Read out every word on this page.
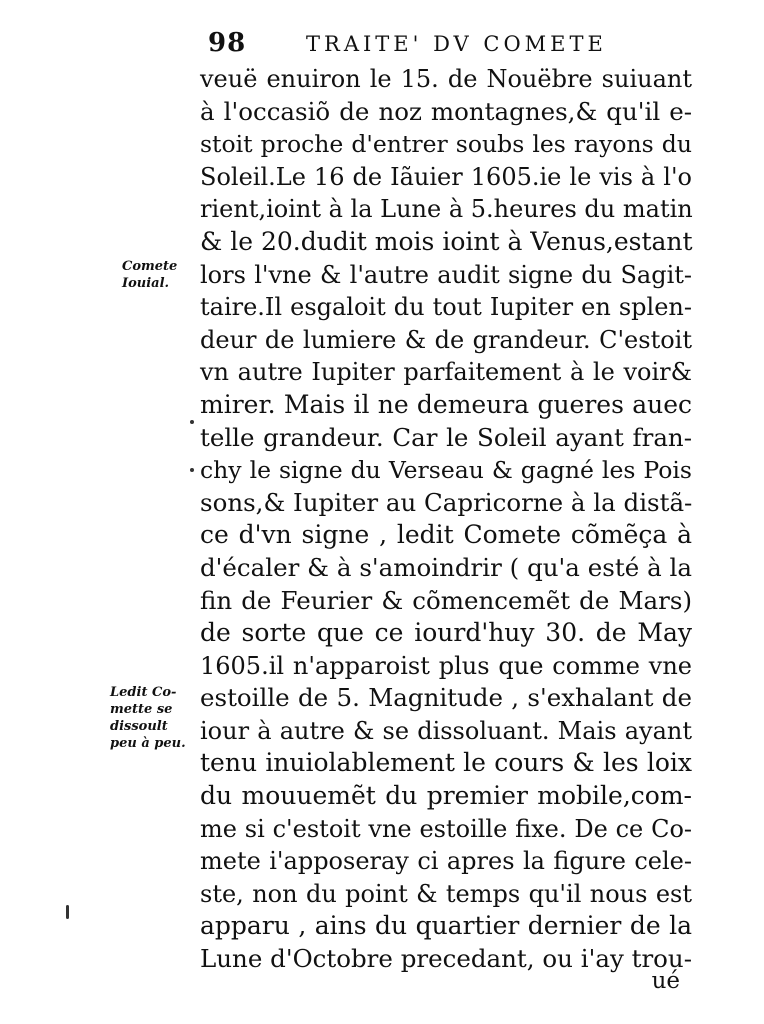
98	TRAITE' DV COMETE
Comete
Iouial.
Ledit Co-
mette se
dissoult
peu à peu.
veuë enuiron le 15. de Nouëbre suiuant
à l'occasiõ de noz montagnes,& qu'il e-
stoit proche d'entrer soubs les rayons du
Soleil.Le 16 de Iãuier 1605.ie le vis à l'o
rient,ioint à la Lune à 5.heures du matin
& le 20.dudit mois ioint à Venus,estant
lors l'vne & l'autre audit signe du Sagit-
taire.Il esgaloit du tout Iupiter en splen-
deur de lumiere & de grandeur. C'estoit
vn autre Iupiter parfaitement à le voir&
mirer. Mais il ne demeura gueres auec
telle grandeur. Car le Soleil ayant fran-
chy le signe du Verseau & gagné les Pois
sons,& Iupiter au Capricorne à la distã-
ce d'vn signe , ledit Comete cõmẽça à
d'écaler & à s'amoindrir ( qu'a esté à la
fin de Feurier & cõmencemẽt de Mars)
de sorte que ce iourd'huy 30. de May
1605.il n'apparoist plus que comme vne
estoille de 5. Magnitude , s'exhalant de
iour à autre & se dissoluant. Mais ayant
tenu inuiolablement le cours & les loix
du mouuemẽt du premier mobile,com-
me si c'estoit vne estoille fixe. De ce Co-
mete i'apposeray ci apres la figure cele-
ste, non du point & temps qu'il nous est
apparu , ains du quartier dernier de la
Lune d'Octobre precedant, ou i'ay trou-
ué
